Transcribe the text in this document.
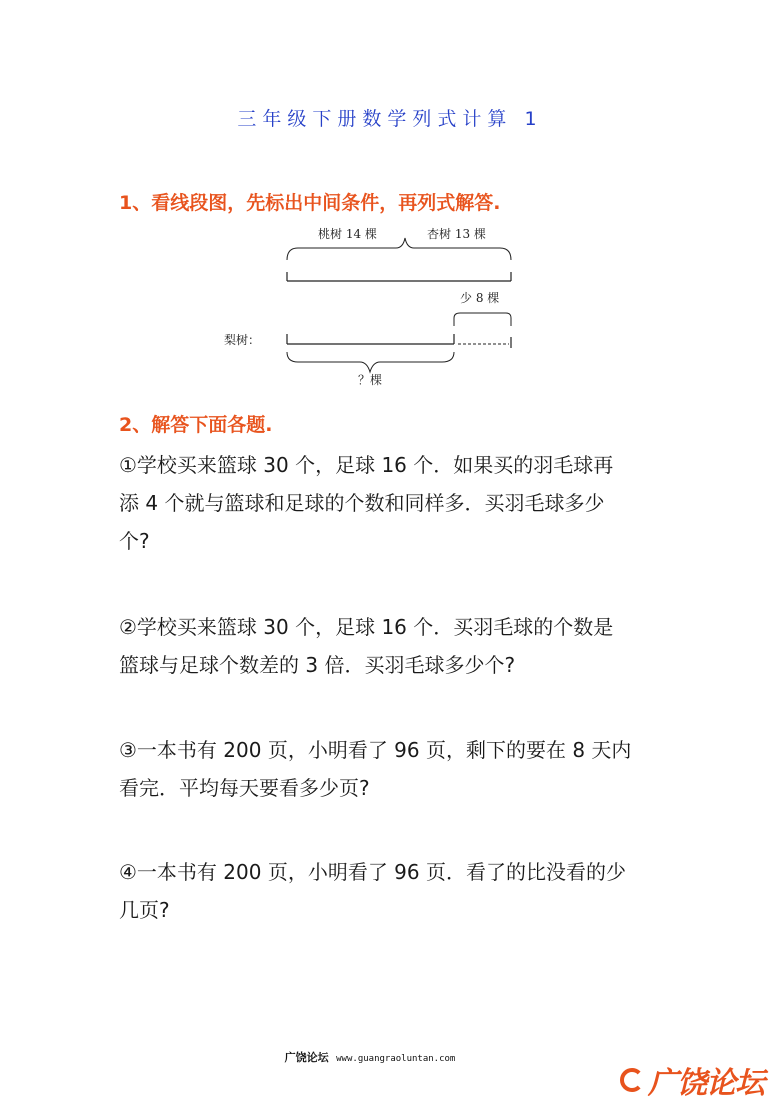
三年级下册数学列式计算 1
1、看线段图，先标出中间条件，再列式解答.
桃树 14 棵	杏树 13 棵
少 8 棵
梨树：
？棵
2、解答下面各题.

①学校买来篮球 30 个，足球 16 个．如果买的羽毛球再

添 4 个就与篮球和足球的个数和同样多．买羽毛球多少

个?

②学校买来篮球 30 个，足球 16 个．买羽毛球的个数是

篮球与足球个数差的 3 倍．买羽毛球多少个?

③一本书有 200 页，小明看了 96 页，剩下的要在 8 天内

看完．平均每天要看多少页?

④一本书有 200 页，小明看了 96 页．看了的比没看的少

几页?

广饶论坛 www.guangraoluntan.com
广饶论坛
